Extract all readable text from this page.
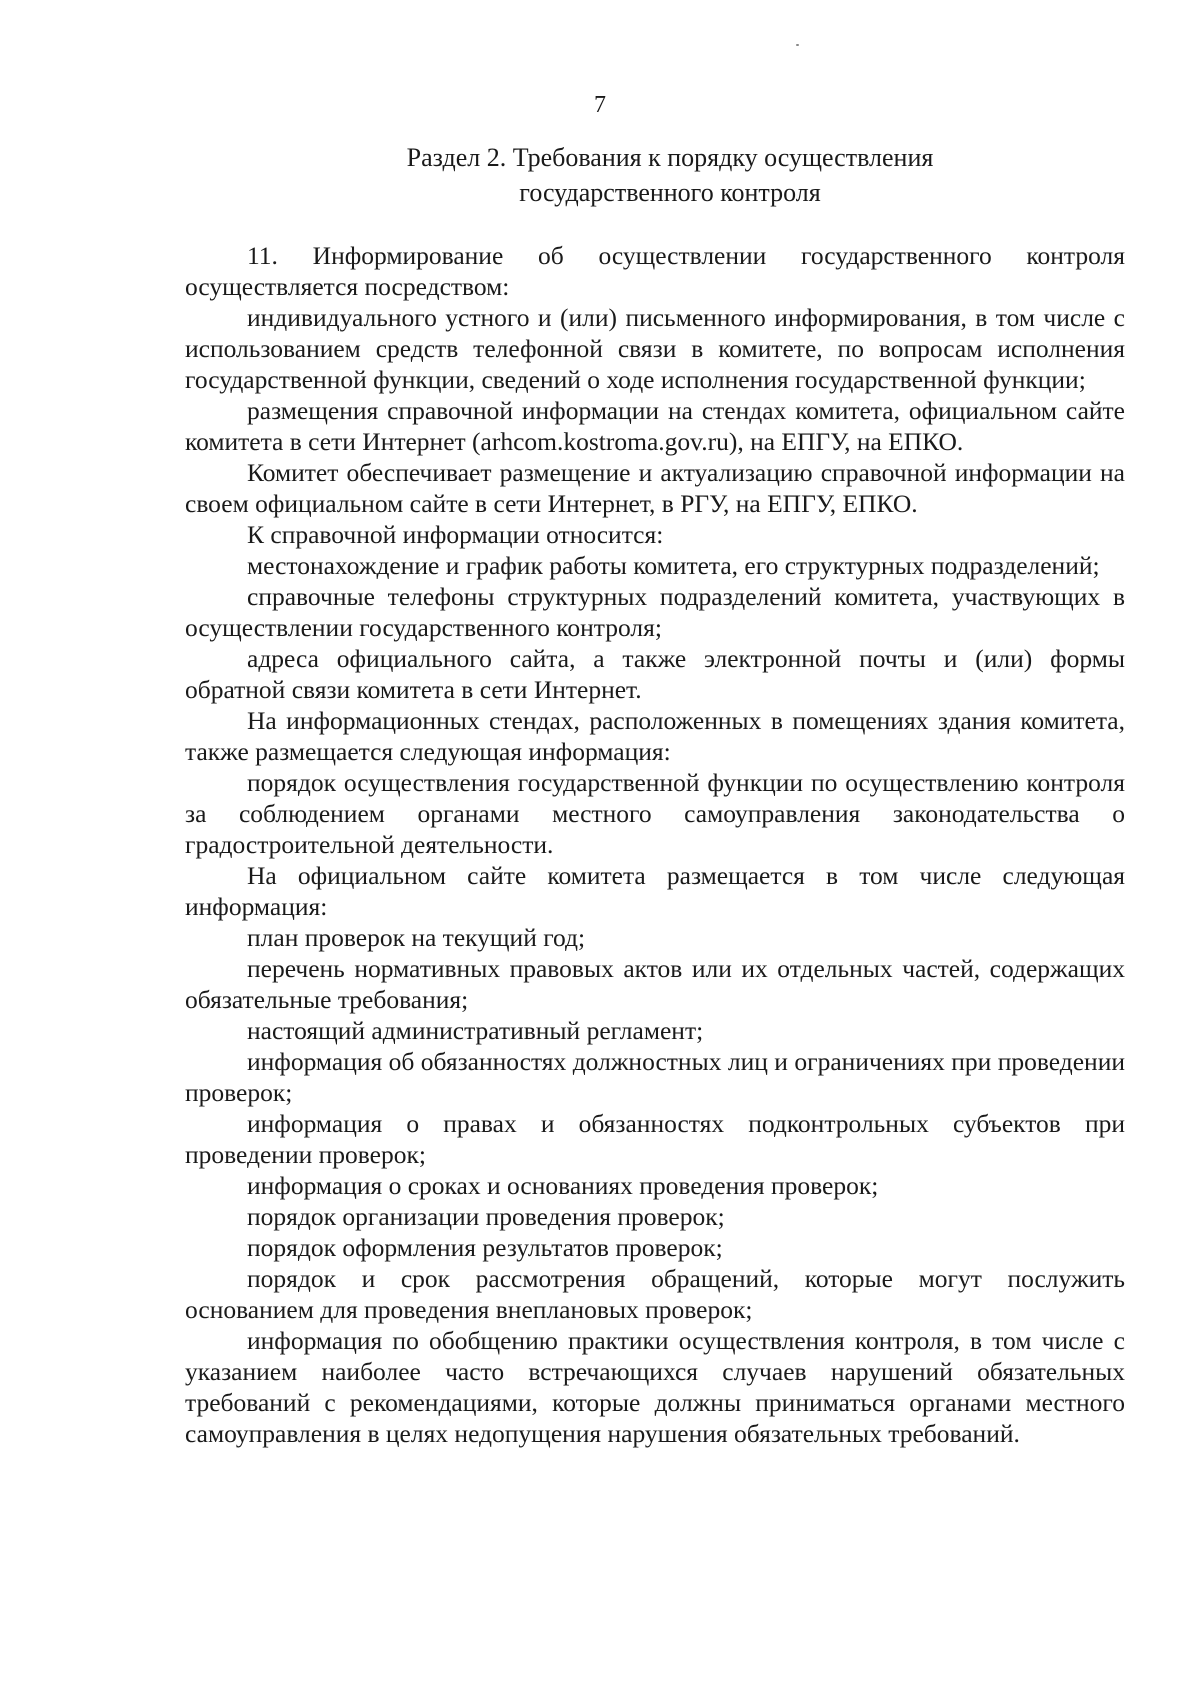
7
Раздел 2. Требования к порядку осуществления
государственного контроля

11. Информирование об осуществлении государственного контроля осуществляется посредством:

индивидуального устного и (или) письменного информирования, в том числе с использованием средств телефонной связи в комитете, по вопросам исполнения государственной функции, сведений о ходе исполнения государственной функции;

размещения справочной информации на стендах комитета, официальном сайте комитета в сети Интернет (arhcom.kostroma.gov.ru), на ЕПГУ, на ЕПКО.

Комитет обеспечивает размещение и актуализацию справочной информации на своем официальном сайте в сети Интернет, в РГУ, на ЕПГУ, ЕПКО.

К справочной информации относится:

местонахождение и график работы комитета, его структурных подразделений;

справочные телефоны структурных подразделений комитета, участвующих в осуществлении государственного контроля;

адреса официального сайта, а также электронной почты и (или) формы обратной связи комитета в сети Интернет.

На информационных стендах, расположенных в помещениях здания комитета, также размещается следующая информация:

порядок осуществления государственной функции по осуществлению контроля за соблюдением органами местного самоуправления законодательства о градостроительной деятельности.

На официальном сайте комитета размещается в том числе следующая информация:

план проверок на текущий год;

перечень нормативных правовых актов или их отдельных частей, содержащих обязательные требования;

настоящий административный регламент;

информация об обязанностях должностных лиц и ограничениях при проведении проверок;

информация о правах и обязанностях подконтрольных субъектов при проведении проверок;

информация о сроках и основаниях проведения проверок;

порядок организации проведения проверок;

порядок оформления результатов проверок;

порядок и срок рассмотрения обращений, которые могут послужить основанием для проведения внеплановых проверок;

информация по обобщению практики осуществления контроля, в том числе с указанием наиболее часто встречающихся случаев нарушений обязательных требований с рекомендациями, которые должны приниматься органами местного самоуправления в целях недопущения нарушения обязательных требований.
